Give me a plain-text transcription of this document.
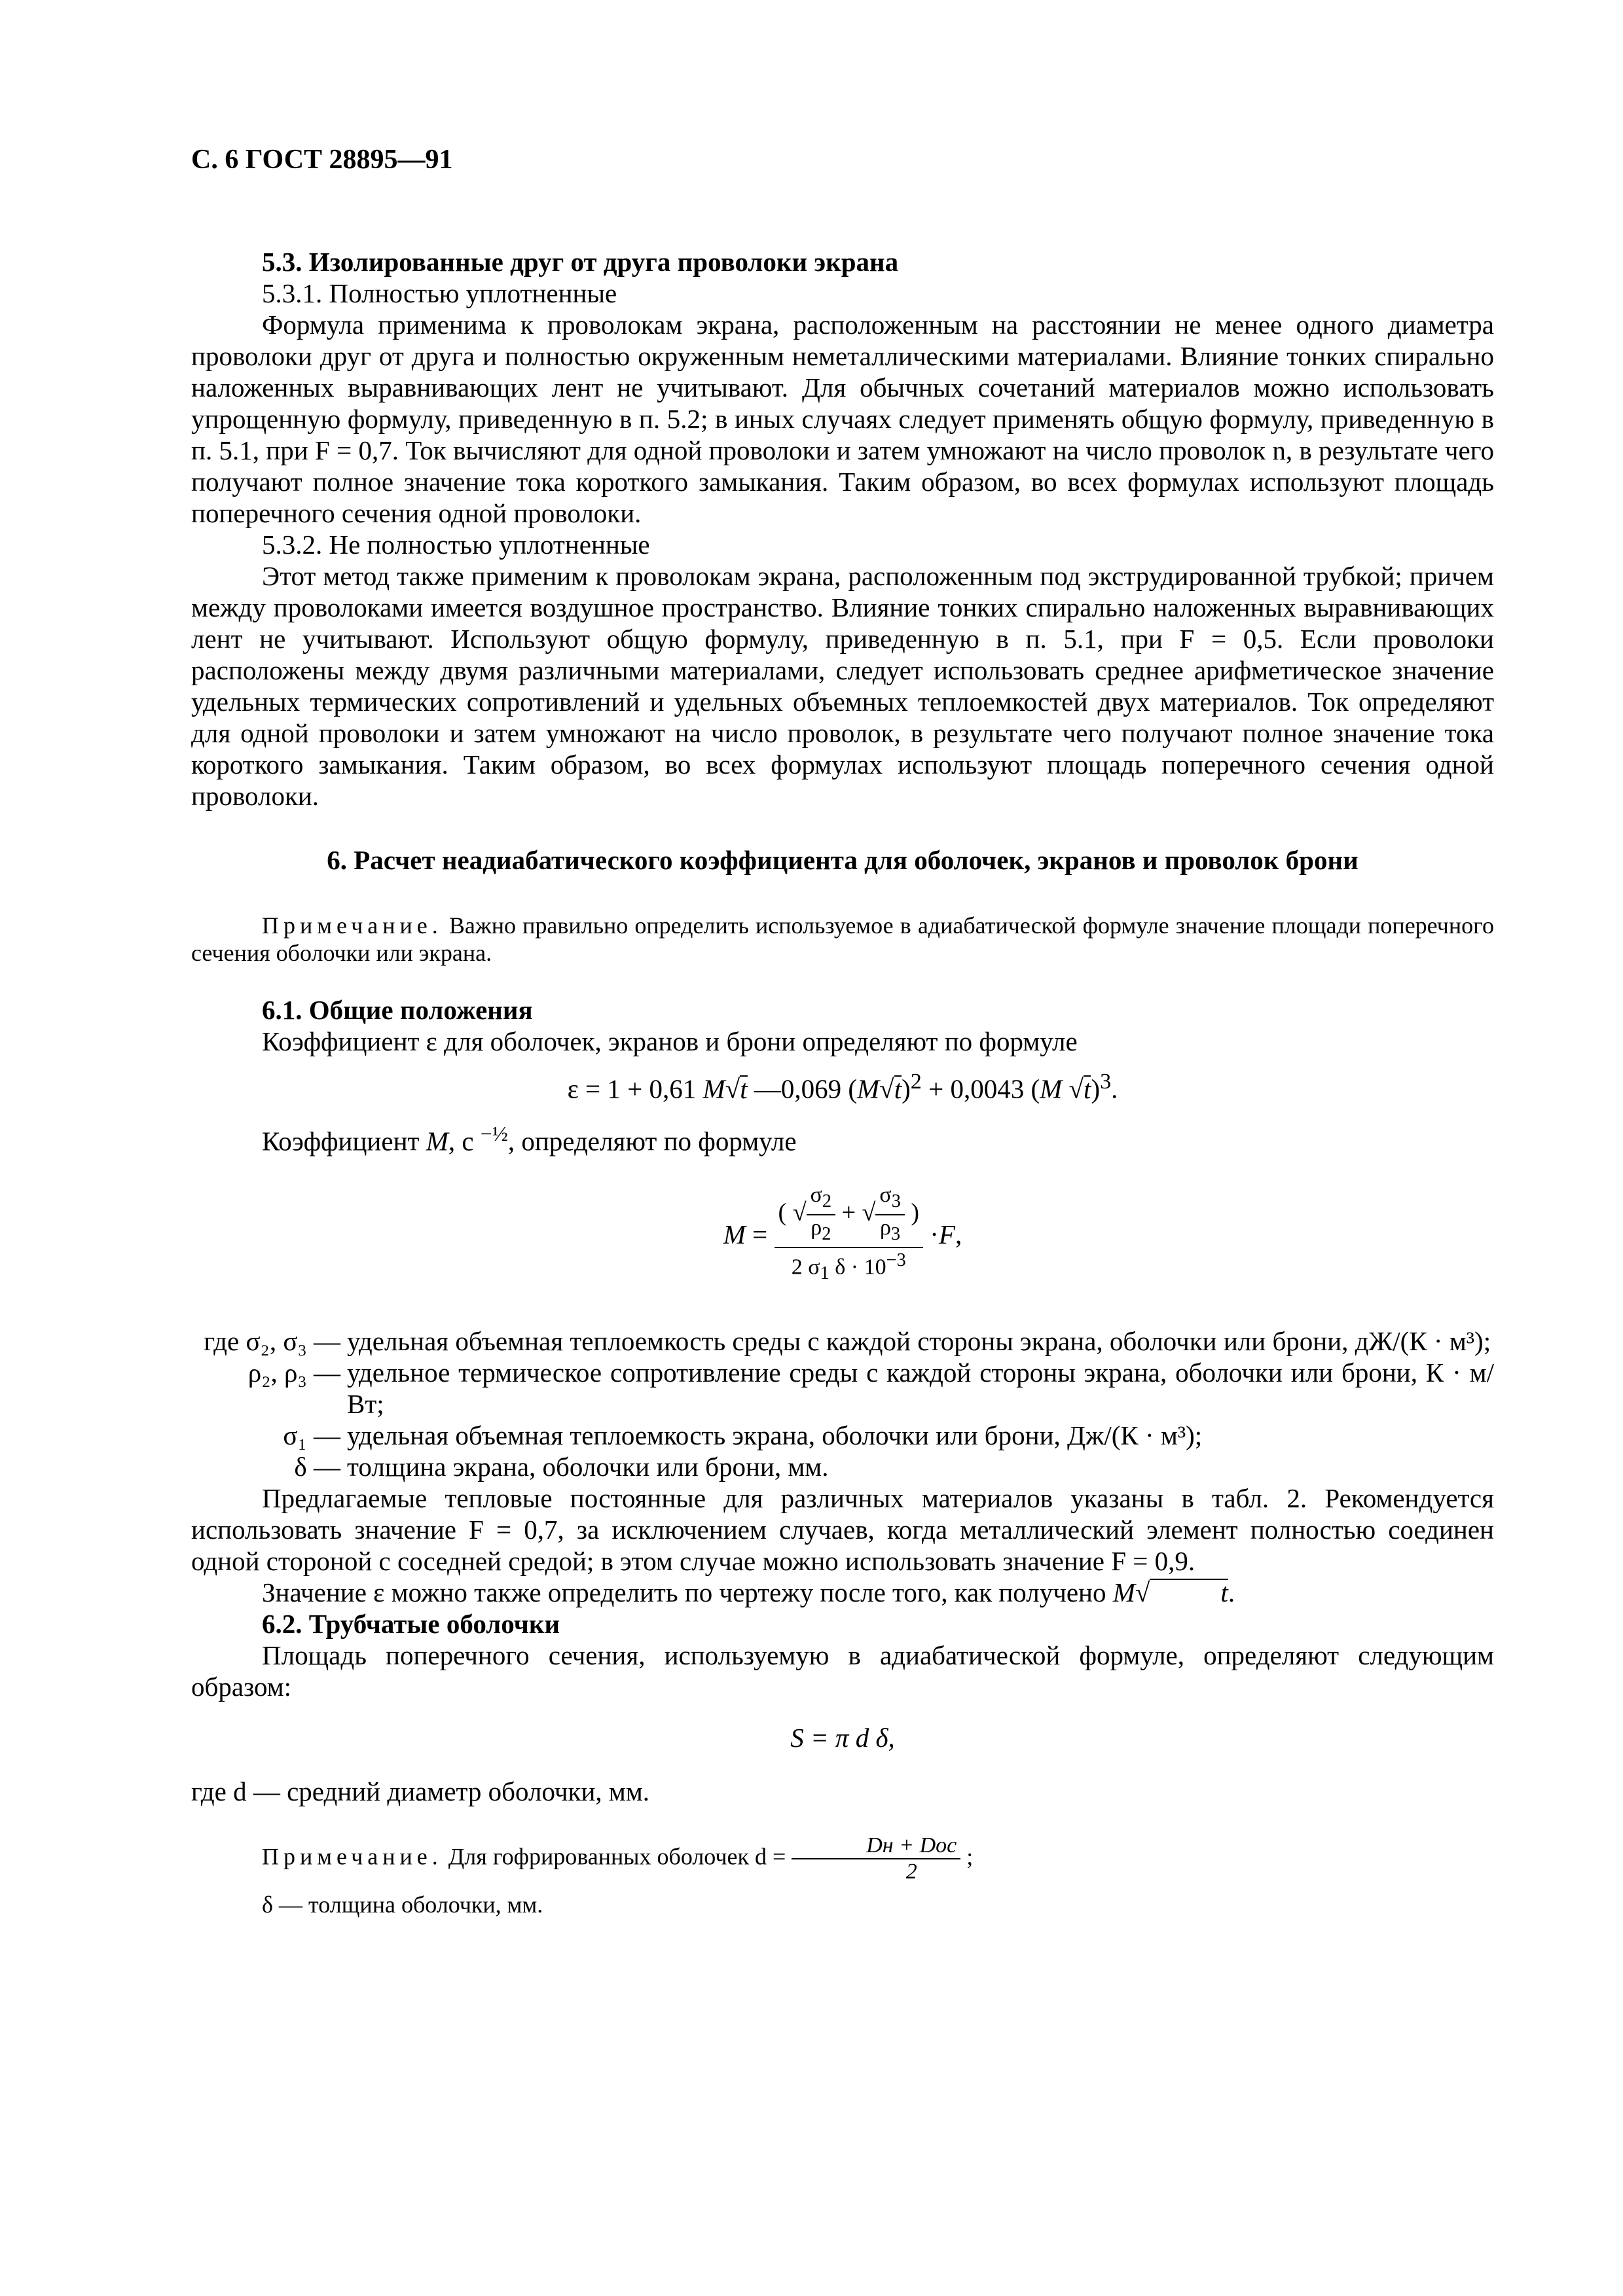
С. 6 ГОСТ 28895—91

5.3. Изолированные друг от друга проволоки экрана

5.3.1. Полностью уплотненные

Формула применима к проволокам экрана, расположенным на расстоянии не менее одного диаметра проволоки друг от друга и полностью окруженным неметаллическими материалами. Влияние тонких спирально наложенных выравнивающих лент не учитывают. Для обычных сочетаний материалов можно использовать упрощенную формулу, приведенную в п. 5.2; в иных случаях следует применять общую формулу, приведенную в п. 5.1, при F = 0,7. Ток вычисляют для одной проволоки и затем умножают на число проволок n, в результате чего получают полное значение тока короткого замыкания. Таким образом, во всех формулах используют площадь поперечного сечения одной проволоки.

5.3.2. Не полностью уплотненные

Этот метод также применим к проволокам экрана, расположенным под экструдированной трубкой; причем между проволоками имеется воздушное пространство. Влияние тонких спирально наложенных выравнивающих лент не учитывают. Используют общую формулу, приведенную в п. 5.1, при F = 0,5. Если проволоки расположены между двумя различными материалами, следует использовать среднее арифметическое значение удельных термических сопротивлений и удельных объемных теплоемкостей двух материалов. Ток определяют для одной проволоки и затем умножают на число проволок, в результате чего получают полное значение тока короткого замыкания. Таким образом, во всех формулах используют площадь поперечного сечения одной проволоки.

6. Расчет неадиабатического коэффициента для оболочек, экранов и проволок брони

Примечание. Важно правильно определить используемое в адиабатической формуле значение площади поперечного сечения оболочки или экрана.

6.1. Общие положения

Коэффициент ε для оболочек, экранов и брони определяют по формуле

ε = 1 + 0,61 M√t —0,069 $(M√t)^2 + 0,0043$ (M √t)$^3$.

Коэффициент M, с $^{-\frac{1}{2}}$, определяют по формуле

$M = \frac{( √ \frac{\sigma_2}{\rho_2} + √ \frac{\sigma_3}{\rho_3} )}{2 \sigma_1 \delta \cdot 10^{-3}} \cdot F$ ,
где σ₂, σ₃ — удельная объемная теплоемкость среды с каждой стороны экрана, оболочки или брони, дЖ/(К · м³);
ρ₂, ρ₃ — удельное термическое сопротивление среды с каждой стороны экрана, оболочки или брони, К · м/Вт;
σ₁ — удельная объемная теплоемкость экрана, оболочки или брони, Дж/(К · м³);
δ — толщина экрана, оболочки или брони, мм.

Предлагаемые тепловые постоянные для различных материалов указаны в табл. 2. Рекомендуется использовать значение F = 0,7, за исключением случаев, когда металлический элемент полностью соединен одной стороной с соседней средой; в этом случае можно использовать значение F = 0,9.

Значение ε можно также определить по чертежу после того, как получено M√	t.

6.2. Трубчатые оболочки

Площадь поперечного сечения, используемую в адиабатической формуле, определяют следующим образом:

S = π d δ,

где d — средний диаметр оболочки, мм.

Примечание. Для гофрированных оболочек $d = \frac{\text{Dн + Dос}}{2}$ ;

δ — толщина оболочки, мм.
